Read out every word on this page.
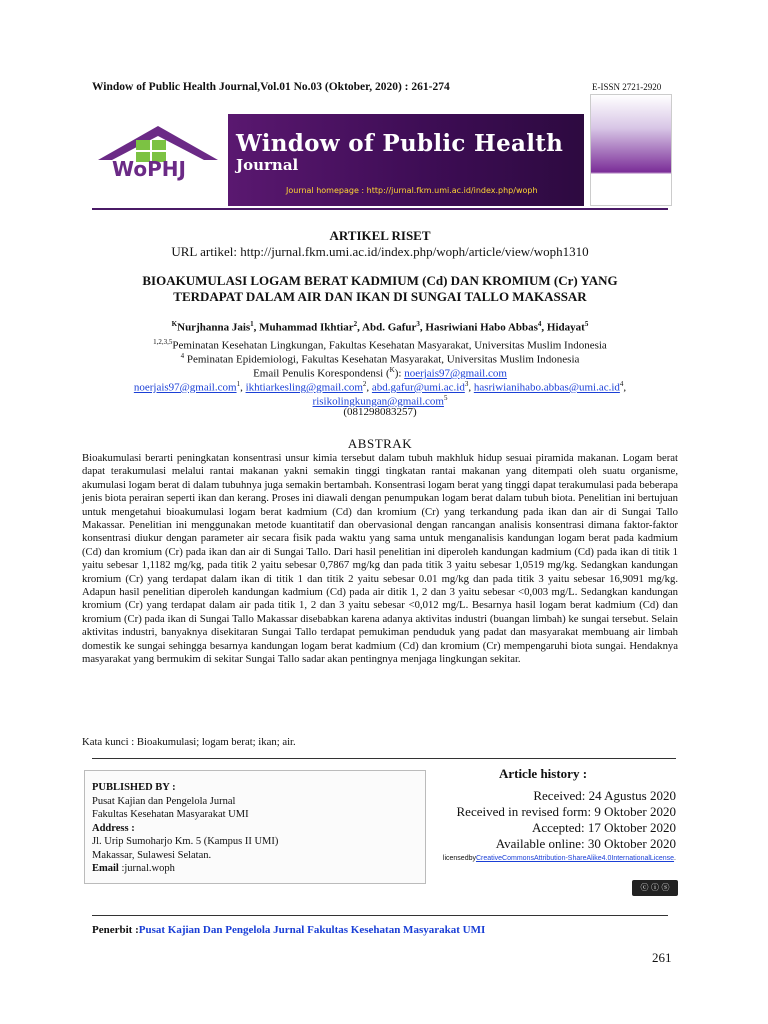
Window of Public Health Journal,Vol.01 No.03 (Oktober, 2020) : 261-274	E-ISSN 2721-2920
WoPHJ
Window of Public Health
Journal
Journal homepage : http://jurnal.fkm.umi.ac.id/index.php/woph
ARTIKEL RISET
URL artikel: http://jurnal.fkm.umi.ac.id/index.php/woph/article/view/woph1310
BIOAKUMULASI LOGAM BERAT KADMIUM (Cd) DAN KROMIUM (Cr) YANG
TERDAPAT DALAM AIR DAN IKAN DI SUNGAI TALLO MAKASSAR
$^K$Nurjhanna Jais$^1$, Muhammad Ikhtiar$^2$, Abd. Gafur$^3$, Hasriwiani Habo Abbas$^4$, Hidayat$^5$
$^{1,2,3,5}$Peminatan Kesehatan Lingkungan, Fakultas Kesehatan Masyarakat, Universitas Muslim Indonesia
$^4$ Peminatan Epidemiologi, Fakultas Kesehatan Masyarakat, Universitas Muslim Indonesia
Email Penulis Korespondensi ($^K$): noerjais97@gmail.com
noerjais97@gmail.com$^1$, ikhtiarkesling@gmail.com$^2$, $abd.gafur@umi.ac.id^3$, $hasriwianihabo.abbas@umi.ac.id^4$,
risikolingkungan@gmail.com$^5$
(081298083257)
ABSTRAK
Bioakumulasi berarti peningkatan konsentrasi unsur kimia tersebut dalam tubuh makhluk hidup sesuai piramida makanan. Logam berat dapat terakumulasi melalui rantai makanan yakni semakin tinggi tingkatan rantai makanan yang ditempati oleh suatu organisme, akumulasi logam berat di dalam tubuhnya juga semakin bertambah. Konsentrasi logam berat yang tinggi dapat terakumulasi pada beberapa jenis biota perairan seperti ikan dan kerang. Proses ini diawali dengan penumpukan logam berat dalam tubuh biota. Penelitian ini bertujuan untuk mengetahui bioakumulasi logam berat kadmium (Cd) dan kromium (Cr) yang terkandung pada ikan dan air di Sungai Tallo Makassar. Penelitian ini menggunakan metode kuantitatif dan obervasional dengan rancangan analisis konsentrasi dimana faktor-faktor konsentrasi diukur dengan parameter air secara fisik pada waktu yang sama untuk menganalisis kandungan logam berat pada kadmium (Cd) dan kromium (Cr) pada ikan dan air di Sungai Tallo. Dari hasil penelitian ini diperoleh kandungan kadmium (Cd) pada ikan di titik 1 yaitu sebesar 1,1182 mg/kg, pada titik 2 yaitu sebesar 0,7867 mg/kg dan pada titik 3 yaitu sebesar 1,0519 mg/kg. Sedangkan kandungan kromium (Cr) yang terdapat dalam ikan di titik 1 dan titik 2 yaitu sebesar 0.01 mg/kg dan pada titik 3 yaitu sebesar 16,9091 mg/kg. Adapun hasil penelitian diperoleh kandungan kadmium (Cd) pada air ditik 1, 2 dan 3 yaitu sebesar <0,003 mg/L. Sedangkan kandungan kromium (Cr) yang terdapat dalam air pada titik 1, 2 dan 3 yaitu sebesar <0,012 mg/L. Besarnya hasil logam berat kadmium (Cd) dan kromium (Cr) pada ikan di Sungai Tallo Makassar disebabkan karena adanya aktivitas industri (buangan limbah) ke sungai tersebut. Selain aktivitas industri, banyaknya disekitaran Sungai Tallo terdapat pemukiman penduduk yang padat dan masyarakat membuang air limbah domestik ke sungai sehingga besarnya kandungan logam berat kadmium (Cd) dan kromium (Cr) mempengaruhi biota sungai. Hendaknya masyarakat yang bermukim di sekitar Sungai Tallo sadar akan pentingnya menjaga lingkungan sekitar.
Kata kunci : Bioakumulasi; logam berat; ikan; air.
PUBLISHED BY :
Pusat Kajian dan Pengelola Jurnal
Fakultas Kesehatan Masyarakat UMI
Address :
Jl. Urip Sumoharjo Km. 5 (Kampus II UMI)
Makassar, Sulawesi Selatan.
Email :jurnal.woph
Article history :
Received: 24 Agustus 2020
Received in revised form: 9 Oktober 2020
Accepted: 17 Oktober 2020
Available online: 30 Oktober 2020
licensedbyCreativeCommonsAttribution-ShareAlike4.0InternationalLicense.
ⓒ ⓘ ⓢ
Penerbit :Pusat Kajian Dan Pengelola Jurnal Fakultas Kesehatan Masyarakat UMI
261
